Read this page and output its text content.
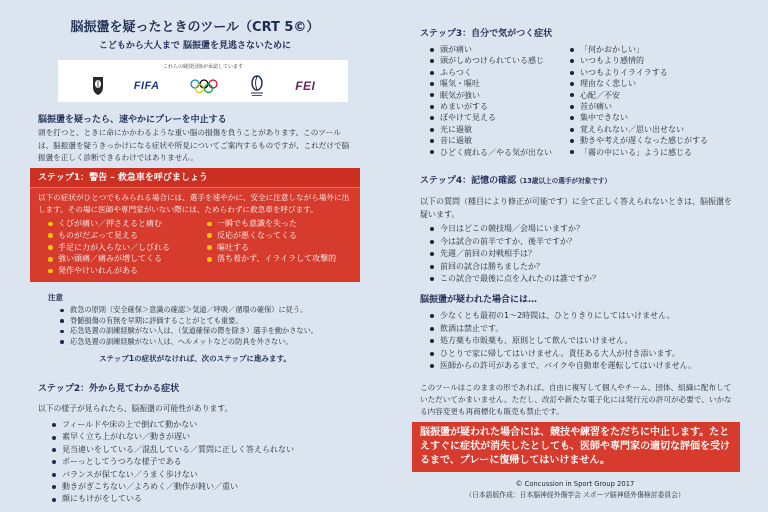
脳振盪を疑ったときのツール（CRT 5©）
こどもから大人まで 脳振盪を見逃さないために
これらの競技団体が承認しています
FIFA	FEI
脳振盪を疑ったら、速やかにプレーを中止する
頭を打つと、ときに命にかかわるような重い脳の損傷を負うことがあります。このツールは、脳振盪を疑うきっかけになる症状や所見についてご案内するものですが、これだけで脳振盪を正しく診断できるわけではありません。
ステップ1：警告 – 救急車を呼びましょう
以下の症状がひとつでもみられる場合には、選手を速やかに、安全に注意しながら場外に出します。その場に医師や専門家がいない際には、ためらわずに救急車を呼びます。
くびが痛い／押さえると痛む
ものがだぶって見える
手足に力が入らない／しびれる
強い頭痛／痛みが増してくる
発作やけいれんがある
一瞬でも意識を失った
反応が悪くなってくる
嘔吐する
落ち着かず、イライラして攻撃的
注意
救急の原則（安全確保＞意識の確認＞気道／呼吸／循環の確保）に従う。
脊髄損傷の有無を早期に評価することがとても重要。
応急処置の訓練経験がない人は、（気道確保の際を除き）選手を動かさない。
応急処置の訓練経験がない人は、ヘルメットなどの防具を外さない。
ステップ1の症状がなければ、次のステップに進みます。
ステップ2：外から見てわかる症状
以下の様子が見られたら、脳振盪の可能性があります。
フィールドや床の上で倒れて動かない
素早く立ち上がれない／動きが遅い
見当違いをしている／混乱している／質問に正しく答えられない
ボーっとしてうつろな様子である
バランスが保てない／うまく歩けない
動きがぎこちない／よろめく／動作が鈍い／重い
顔にもけがをしている
ステップ3：自分で気がつく症状
頭が痛い
頭がしめつけられている感じ
ふらつく
嘔気・嘔吐
眠気が強い
めまいがする
ぼやけて見える
光に過敏
音に過敏
ひどく疲れる／やる気が出ない
「何かおかしい」
いつもより感情的
いつもよりイライラする
理由なく悲しい
心配／不安
首が痛い
集中できない
覚えられない／思い出せない
動きや考えが遅くなった感じがする
「霧の中にいる」ように感じる
ステップ4：記憶の確認（13歳以上の選手が対象です）
以下の質問（種目により修正が可能です）に全て正しく答えられないときは、脳振盪を疑います。
今日はどこの競技場／会場にいますか？
今は試合の前半ですか、後半ですか？
先週／前回の対戦相手は？
前回の試合は勝ちましたか？
この試合で最後に点を入れたのは誰ですか？
脳振盪が疑われた場合には…
少なくとも最初の1〜2時間は、ひとりきりにしてはいけません。
飲酒は禁止です。
処方薬も市販薬も、原則として飲んではいけません。
ひとりで家に帰してはいけません。責任ある大人が付き添います。
医師からの許可があるまで、バイクや自動車を運転してはいけません。
このツールはこのままの形であれば、自由に複写して個人やチーム、団体、組織に配布していただいてかまいません。ただし、改訂や新たな電子化には発行元の許可が必要で、いかなる内容変更も再商標化も販売も禁止です。
脳振盪が疑われた場合には、競技や練習をただちに中止します。たとえすぐに症状が消失したとしても、医師や専門家の適切な評価を受けるまで、プレーに復帰してはいけません。
© Concussion in Sport Group 2017
（日本語版作成：日本脳神経外傷学会 スポーツ脳神経外傷検討委員会）
